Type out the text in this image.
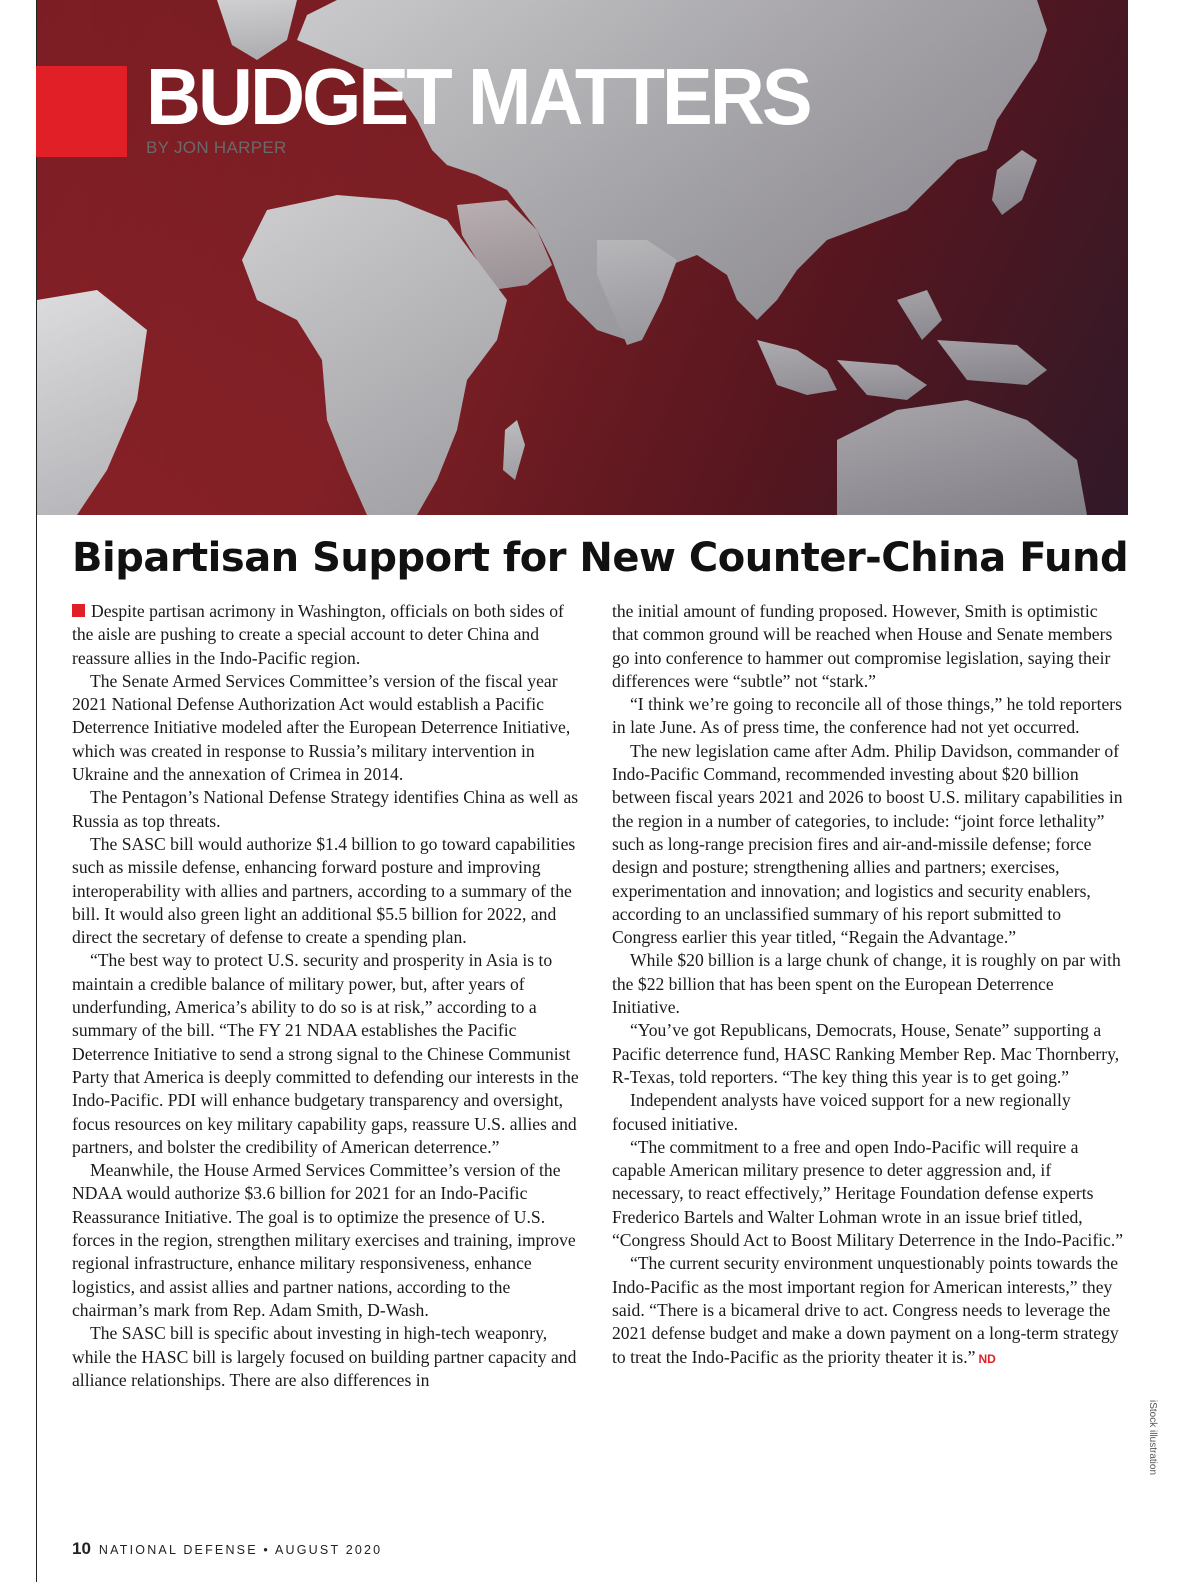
BUDGET MATTERS

BY JON HARPER

Bipartisan Support for New Counter-China Fund

Despite partisan acrimony in Washington, officials on both sides of the aisle are pushing to create a special account to deter China and reassure allies in the Indo-Pacific region.

The Senate Armed Services Committee’s version of the fiscal year 2021 National Defense Authorization Act would establish a Pacific Deterrence Initiative modeled after the European Deterrence Initiative, which was created in response to Russia’s military intervention in Ukraine and the annexation of Crimea in 2014.

The Pentagon’s National Defense Strategy identifies China as well as Russia as top threats.

The SASC bill would authorize $1.4 billion to go toward capabilities such as missile defense, enhancing forward posture and improving interoperability with allies and partners, according to a summary of the bill. It would also green light an additional $5.5 billion for 2022, and direct the secretary of defense to create a spending plan.

“The best way to protect U.S. security and prosperity in Asia is to maintain a credible balance of military power, but, after years of underfunding, America’s ability to do so is at risk,” according to a summary of the bill. “The FY 21 NDAA establishes the Pacific Deterrence Initiative to send a strong signal to the Chinese Communist Party that America is deeply committed to defending our interests in the Indo-Pacific. PDI will enhance budgetary transparency and oversight, focus resources on key military capability gaps, reassure U.S. allies and partners, and bolster the credibility of American deterrence.”

Meanwhile, the House Armed Services Committee’s version of the NDAA would authorize $3.6 billion for 2021 for an Indo-Pacific Reassurance Initiative. The goal is to optimize the presence of U.S. forces in the region, strengthen military exercises and training, improve regional infrastructure, enhance military responsiveness, enhance logistics, and assist allies and partner nations, according to the chairman’s mark from Rep. Adam Smith, D-Wash.

The SASC bill is specific about investing in high-tech weaponry, while the HASC bill is largely focused on building partner capacity and alliance relationships. There are also differences in

the initial amount of funding proposed. However, Smith is optimistic that common ground will be reached when House and Senate members go into conference to hammer out compromise legislation, saying their differences were “subtle” not “stark.”

“I think we’re going to reconcile all of those things,” he told reporters in late June. As of press time, the conference had not yet occurred.

The new legislation came after Adm. Philip Davidson, commander of Indo-Pacific Command, recommended investing about $20 billion between fiscal years 2021 and 2026 to boost U.S. military capabilities in the region in a number of categories, to include: “joint force lethality” such as long-range precision fires and air-and-missile defense; force design and posture; strengthening allies and partners; exercises, experimentation and innovation; and logistics and security enablers, according to an unclassified summary of his report submitted to Congress earlier this year titled, “Regain the Advantage.”

While $20 billion is a large chunk of change, it is roughly on par with the $22 billion that has been spent on the European Deterrence Initiative.

“You’ve got Republicans, Democrats, House, Senate” supporting a Pacific deterrence fund, HASC Ranking Member Rep. Mac Thornberry, R-Texas, told reporters. “The key thing this year is to get going.”

Independent analysts have voiced support for a new regionally focused initiative.

“The commitment to a free and open Indo-Pacific will require a capable American military presence to deter aggression and, if necessary, to react effectively,” Heritage Foundation defense experts Frederico Bartels and Walter Lohman wrote in an issue brief titled, “Congress Should Act to Boost Military Deterrence in the Indo-Pacific.”

“The current security environment unquestionably points towards the Indo-Pacific as the most important region for American interests,” they said. “There is a bicameral drive to act. Congress needs to leverage the 2021 defense budget and make a down payment on a long-term strategy to treat the Indo-Pacific as the priority theater it is.” ND

iStock illustration
10 NATIONAL DEFENSE • AUGUST 2020
